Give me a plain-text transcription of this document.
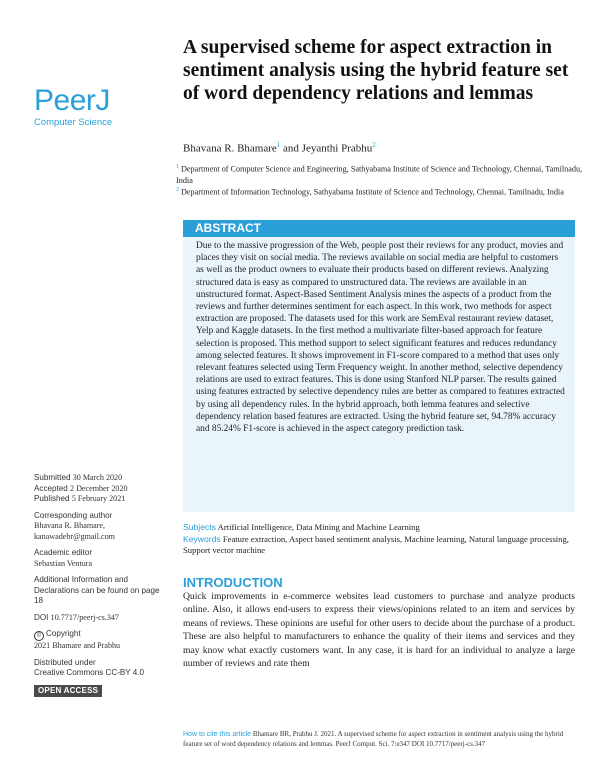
PeerJ
Computer Science
A supervised scheme for aspect extraction in sentiment analysis using the hybrid feature set of word dependency relations and lemmas
Bhavana R. Bhamare$^1$ and Jeyanthi Prabhu$^2$
$^1$ Department of Computer Science and Engineering, Sathyabama Institute of Science and Technology, Chennai, Tamilnadu, India
$^2$ Department of Information Technology, Sathyabama Institute of Science and Technology, Chennai, Tamilnadu, India
ABSTRACT
Due to the massive progression of the Web, people post their reviews for any product, movies and places they visit on social media. The reviews available on social media are helpful to customers as well as the product owners to evaluate their products based on different reviews. Analyzing structured data is easy as compared to unstructured data. The reviews are available in an unstructured format. Aspect-Based Sentiment Analysis mines the aspects of a product from the reviews and further determines sentiment for each aspect. In this work, two methods for aspect extraction are proposed. The datasets used for this work are SemEval restaurant review dataset, Yelp and Kaggle datasets. In the first method a multivariate filter-based approach for feature selection is proposed. This method support to select significant features and reduces redundancy among selected features. It shows improvement in F1-score compared to a method that uses only relevant features selected using Term Frequency weight. In another method, selective dependency relations are used to extract features. This is done using Stanford NLP parser. The results gained using features extracted by selective dependency rules are better as compared to features extracted by using all dependency rules. In the hybrid approach, both lemma features and selective dependency relation based features are extracted. Using the hybrid feature set, 94.78% accuracy and 85.24% F1-score is achieved in the aspect category prediction task.
Subjects Artificial Intelligence, Data Mining and Machine Learning
Keywords Feature extraction, Aspect based sentiment analysis, Machine learning, Natural language processing, Support vector machine
INTRODUCTION
Quick improvements in e-commerce websites lead customers to purchase and analyze products online. Also, it allows end-users to express their views/opinions related to an item and services by means of reviews. These opinions are useful for other users to decide about the purchase of a product. These are also helpful to manufacturers to enhance the quality of their items and services and they may know what exactly customers want. In any case, it is hard for an individual to analyze a large number of reviews and rate them
Submitted 30 March 2020
Accepted 2 December 2020
Published 5 February 2021
Corresponding author
Bhavana R. Bhamare,
kanawadebr@gmail.com
Academic editor
Sebastian Ventura
Additional Information and Declarations can be found on page 18
DOI 10.7717/peerj-cs.347
© Copyright
2021 Bhamare and Prabhu
Distributed under
Creative Commons CC-BY 4.0
OPEN ACCESS
How to cite this article Bhamare BR, Prabhu J. 2021. A supervised scheme for aspect extraction in sentiment analysis using the hybrid feature set of word dependency relations and lemmas. PeerJ Comput. Sci. 7:e347 DOI 10.7717/peerj-cs.347
